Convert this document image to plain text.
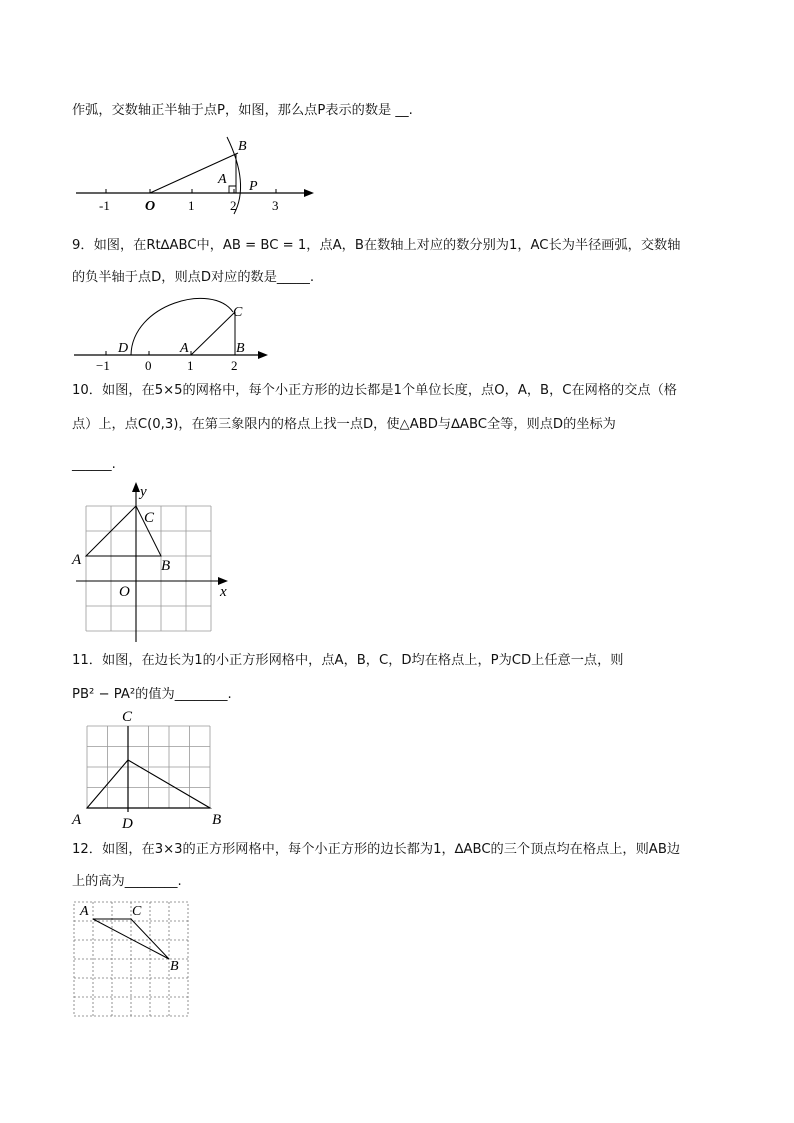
作弧，交数轴正半轴于点P，如图，那么点P表示的数是 __.
B
A P
O
-1	1	2	3
9．如图，在Rt∆ABC中，AB = BC = 1，点A，B在数轴上对应的数分别为1，AC长为半径画弧，交数轴
的负半轴于点D，则点D对应的数是_____.
C
D	A	B
−1	0	1	2
10．如图，在5×5的网格中，每个小正方形的边长都是1个单位长度，点O，A，B，C在网格的交点（格
点）上，点C(0,3)，在第三象限内的格点上找一点D，使△ABD与∆ABC全等，则点D的坐标为
______.
y
x
C
A	B
O
11．如图，在边长为1的小正方形网格中，点A，B，C，D均在格点上，P为CD上任意一点，则
PB² − PA²的值为________.
C
A	D	B
12．如图，在3×3的正方形网格中，每个小正方形的边长都为1，∆ABC的三个顶点均在格点上，则AB边
上的高为________.
A	C
B
